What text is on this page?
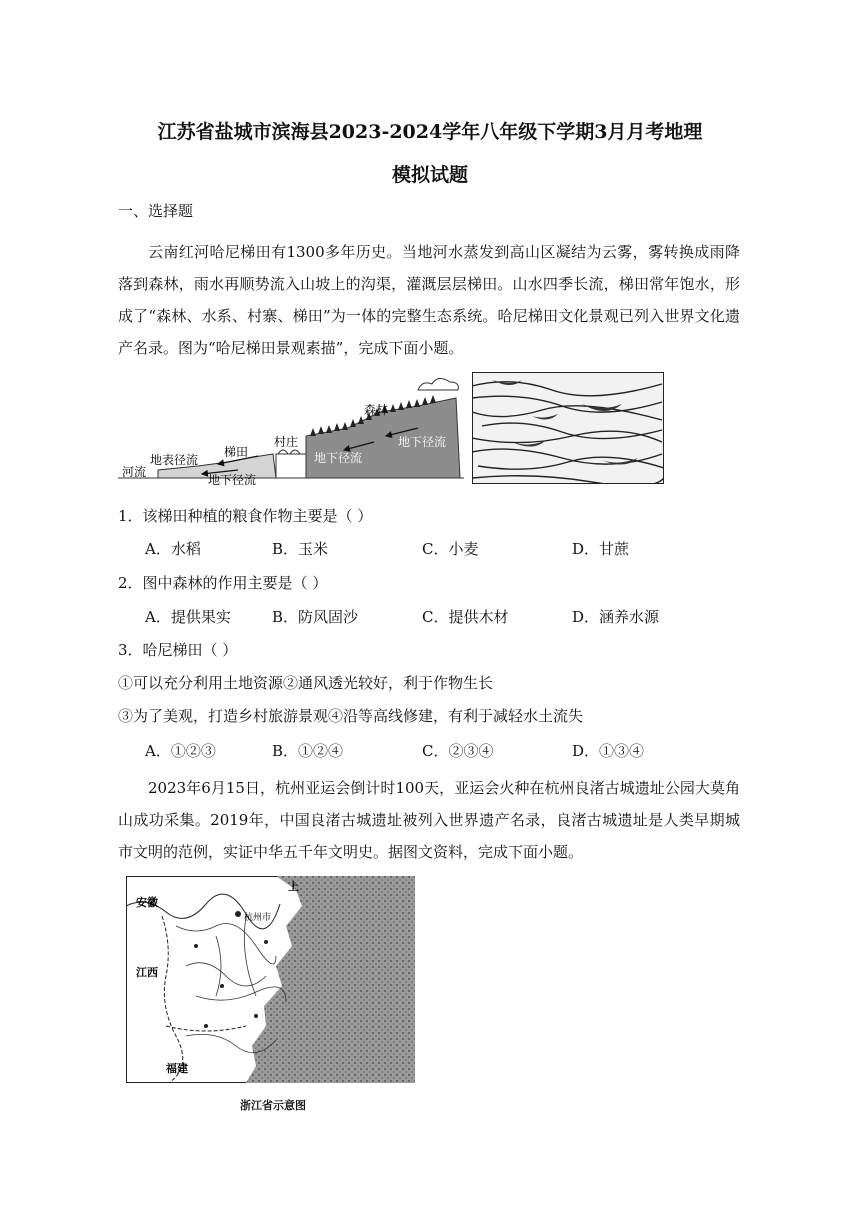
江苏省盐城市滨海县2023-2024学年八年级下学期3月月考地理
模拟试题
一、选择题
云南红河哈尼梯田有1300多年历史。当地河水蒸发到高山区凝结为云雾，雾转换成雨降落到森林，雨水再顺势流入山坡上的沟渠，灌溉层层梯田。山水四季长流，梯田常年饱水，形成了“森林、水系、村寨、梯田”为一体的完整生态系统。哈尼梯田文化景观已列入世界文化遗产名录。图为“哈尼梯田景观素描”，完成下面小题。
森林
村庄
梯田
地表径流
河流
地下径流
地下径流
地下径流
1．该梯田种植的粮食作物主要是（ ）
A．水稻	B．玉米	C．小麦	D．甘蔗
2．图中森林的作用主要是（ ）
A．提供果实	B．防风固沙	C．提供木材	D．涵养水源
3．哈尼梯田（ ）
①可以充分利用土地资源②通风透光较好，利于作物生长
③为了美观，打造乡村旅游景观④沿等高线修建，有利于减轻水土流失
A．①②③	B．①②④	C．②③④	D．①③④
2023年6月15日，杭州亚运会倒计时100天，亚运会火种在杭州良渚古城遗址公园大莫角山成功采集。2019年，中国良渚古城遗址被列入世界遗产名录，良渚古城遗址是人类早期城市文明的范例，实证中华五千年文明史。据图文资料，完成下面小题。
安徽
江西
福建
上
杭州市
浙江省示意图
